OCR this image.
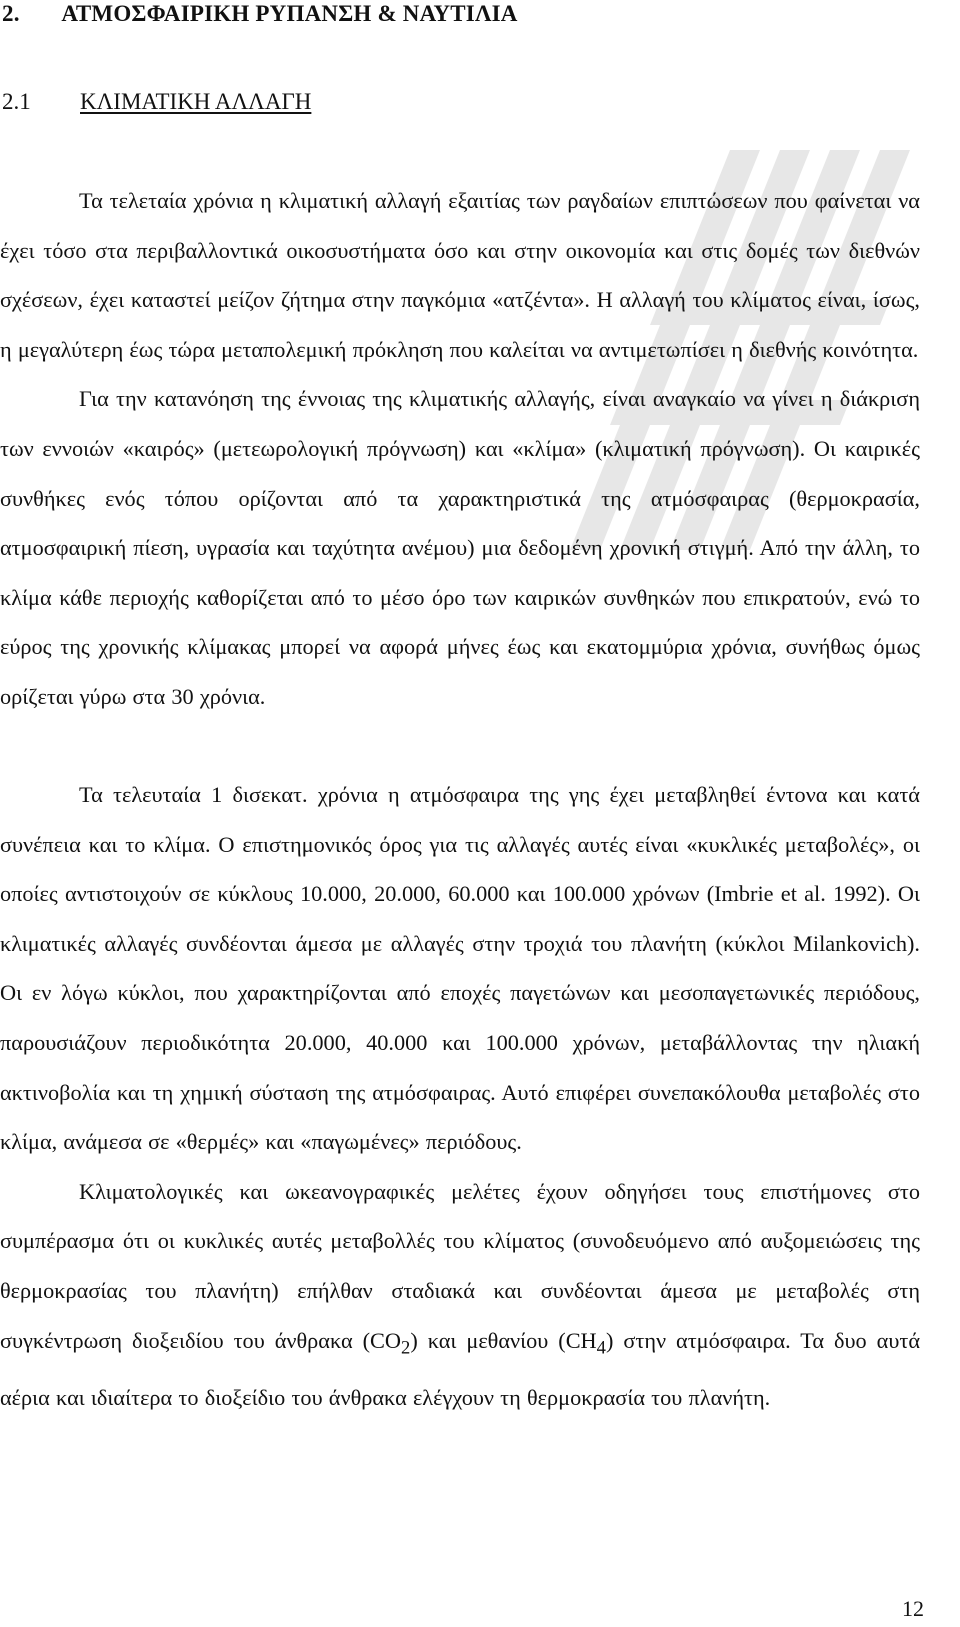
2. ΑΤΜΟΣΦΑΙΡΙΚΗ ΡΥΠΑΝΣΗ & ΝΑΥΤΙΛΙΑ
2.1 ΚΛΙΜΑΤΙΚΗ ΑΛΛΑΓΗ

Τα τελεταία χρόνια η κλιματική αλλαγή εξαιτίας των ραγδαίων επιπτώσεων που φαίνεται να έχει τόσο στα περιβαλλοντικά οικοσυστήματα όσο και στην οικονομία και στις δομές των διεθνών σχέσεων, έχει καταστεί μείζον ζήτημα στην παγκόμια «ατζέντα». Η αλλαγή του κλίματος είναι, ίσως, η μεγαλύτερη έως τώρα μεταπολεμική πρόκληση που καλείται να αντιμετωπίσει η διεθνής κοινότητα.

Για την κατανόηση της έννοιας της κλιματικής αλλαγής, είναι αναγκαίο να γίνει η διάκριση των εννοιών «καιρός» (μετεωρολογική πρόγνωση) και «κλίμα» (κλιματική πρόγνωση). Οι καιρικές συνθήκες ενός τόπου ορίζονται από τα χαρακτηριστικά της ατμόσφαιρας (θερμοκρασία, ατμοσφαιρική πίεση, υγρασία και ταχύτητα ανέμου) μια δεδομένη χρονική στιγμή. Από την άλλη, το κλίμα κάθε περιοχής καθορίζεται από το μέσο όρο των καιρικών συνθηκών που επικρατούν, ενώ το εύρος της χρονικής κλίμακας μπορεί να αφορά μήνες έως και εκατομμύρια χρόνια, συνήθως όμως ορίζεται γύρω στα 30 χρόνια.

Τα τελευταία 1 δισεκατ. χρόνια η ατμόσφαιρα της γης έχει μεταβληθεί έντονα και κατά συνέπεια και το κλίμα. Ο επιστημονικός όρος για τις αλλαγές αυτές είναι «κυκλικές μεταβολές», οι οποίες αντιστοιχούν σε κύκλους 10.000, 20.000, 60.000 και 100.000 χρόνων (Imbrie et al. 1992). Οι κλιματικές αλλαγές συνδέονται άμεσα με αλλαγές στην τροχιά του πλανήτη (κύκλοι Milankovich). Οι εν λόγω κύκλοι, που χαρακτηρίζονται από εποχές παγετώνων και μεσοπαγετωνικές περιόδους, παρουσιάζουν περιοδικότητα 20.000, 40.000 και 100.000 χρόνων, μεταβάλλοντας την ηλιακή ακτινοβολία και τη χημική σύσταση της ατμόσφαιρας. Αυτό επιφέρει συνεπακόλουθα μεταβολές στο κλίμα, ανάμεσα σε «θερμές» και «παγωμένες» περιόδους.

Κλιματολογικές και ωκεανογραφικές μελέτες έχουν οδηγήσει τους επιστήμονες στο συμπέρασμα ότι οι κυκλικές αυτές μεταβολλές του κλίματος (συνοδευόμενο από αυξομειώσεις της θερμοκρασίας του πλανήτη) επήλθαν σταδιακά και συνδέονται άμεσα με μεταβολές στη συγκέντρωση διοξειδίου του άνθρακα $(CO_2)$ και μεθανίου $(CH_4)$ στην ατμόσφαιρα. Τα δυο αυτά αέρια και ιδιαίτερα το διοξείδιο του άνθρακα ελέγχουν τη θερμοκρασία του πλανήτη.

12
